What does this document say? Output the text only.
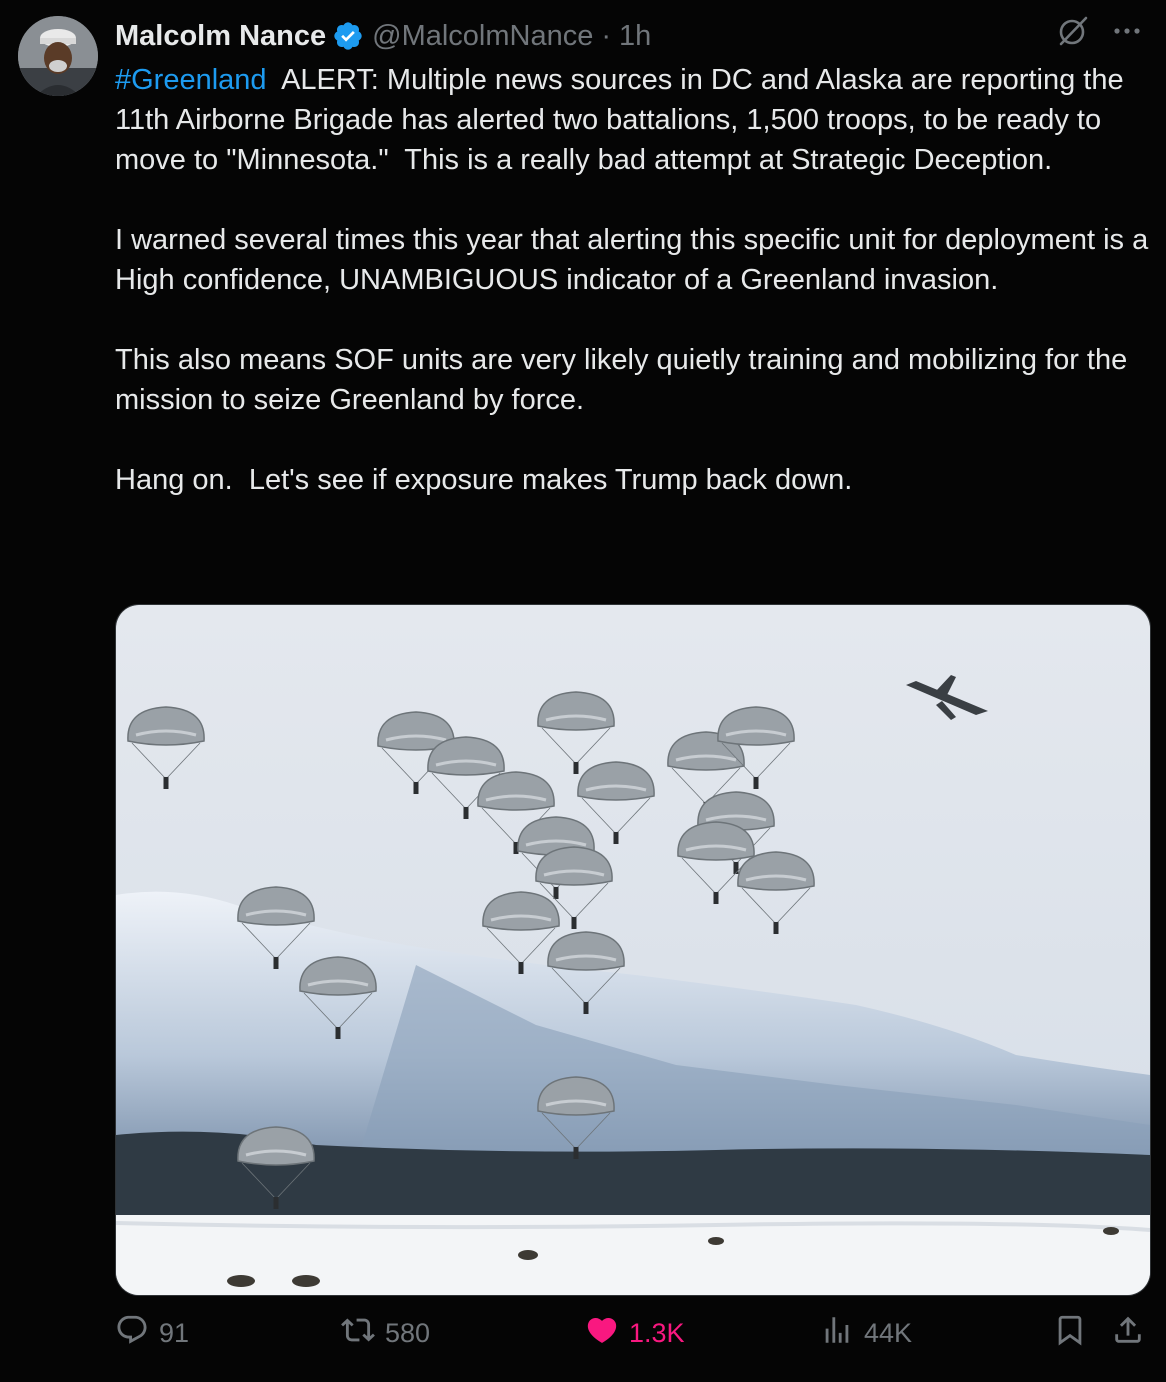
Malcolm Nance @MalcolmNance · 1h
#Greenland  ALERT: Multiple news sources in DC and Alaska are reporting the 11th Airborne Brigade has alerted two battalions, 1,500 troops, to be ready to move to "Minnesota."  This is a really bad attempt at Strategic Deception.

I warned several times this year that alerting this specific unit for deployment is a High confidence, UNAMBIGUOUS indicator of a Greenland invasion.

This also means SOF units are very likely quietly training and mobilizing for the mission to seize Greenland by force.

Hang on.  Let's see if exposure makes Trump back down.
91	580	1.3K	44K
